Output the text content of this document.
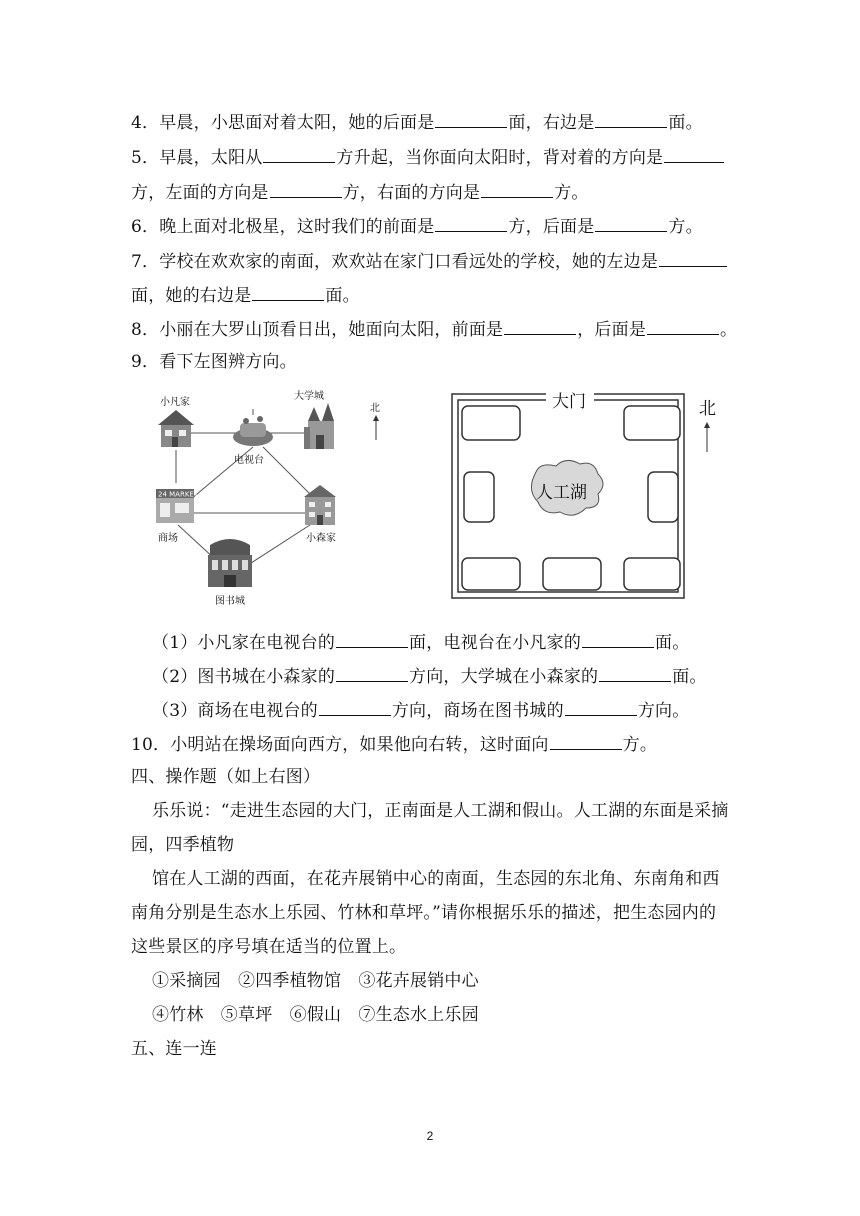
4．早晨，小思面对着太阳，她的后面是	面，右边是	面。
5．早晨，太阳从	方升起，当你面向太阳时，背对着的方向是
方，左面的方向是	方，右面的方向是	方。
6．晚上面对北极星，这时我们的前面是	方，后面是	方。
7．学校在欢欢家的南面，欢欢站在家门口看远处的学校，她的左边是
面，她的右边是	面。
8．小丽在大罗山顶看日出，她面向太阳，前面是	，后面是	。
9．看下左图辨方向。
小凡家
电视台
大学城
北
24 MARKET
商场	小森家
图书城
大门
人工湖
北
（1）小凡家在电视台的	面，电视台在小凡家的	面。
（2）图书城在小森家的	方向，大学城在小森家的	面。
（3）商场在电视台的	方向，商场在图书城的	方向。
10．小明站在操场面向西方，如果他向右转，这时面向	方。
四、操作题（如上右图）
乐乐说：“走进生态园的大门，正南面是人工湖和假山。人工湖的东面是采摘
园，四季植物
馆在人工湖的西面，在花卉展销中心的南面，生态园的东北角、东南角和西
南角分别是生态水上乐园、竹林和草坪。”请你根据乐乐的描述，把生态园内的
这些景区的序号填在适当的位置上。
①采摘园　②四季植物馆　③花卉展销中心
④竹林　⑤草坪　⑥假山　⑦生态水上乐园
五、连一连
2
